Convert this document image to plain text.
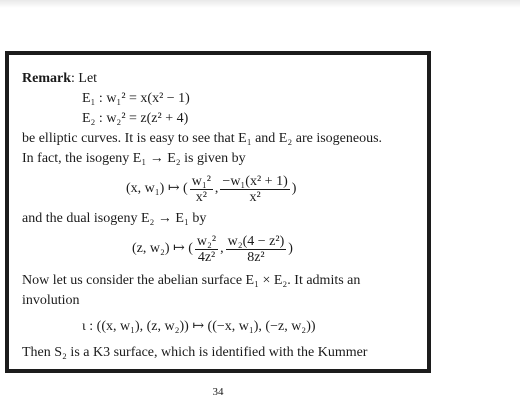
Remark: Let

E₁ : w₁² = x(x² − 1)

E₂ : w₂² = z(z² + 4)

be elliptic curves. It is easy to see that E₁ and E₂ are isogeneous.

In fact, the isogeny E₁ → E₂ is given by

(x, w₁) ↦ ( $\frac{\text{w₁²}}{\text{x²}}$ , $\frac{\text{−w₁(x² + 1)}}{\text{x²}}$ )

and the dual isogeny E₂ → E₁ by

(z, w₂) ↦ ( $\frac{\text{w₂²}}{\text{4z²}}$ , $\frac{\text{w₂(4 − z²)}}{\text{8z²}}$ )

Now let us consider the abelian surface E₁ × E₂. It admits an

involution

ι : ((x, w₁), (z, w₂)) ↦ ((−x, w₁), (−z, w₂))

Then S₂ is a K3 surface, which is identified with the Kummer

34
